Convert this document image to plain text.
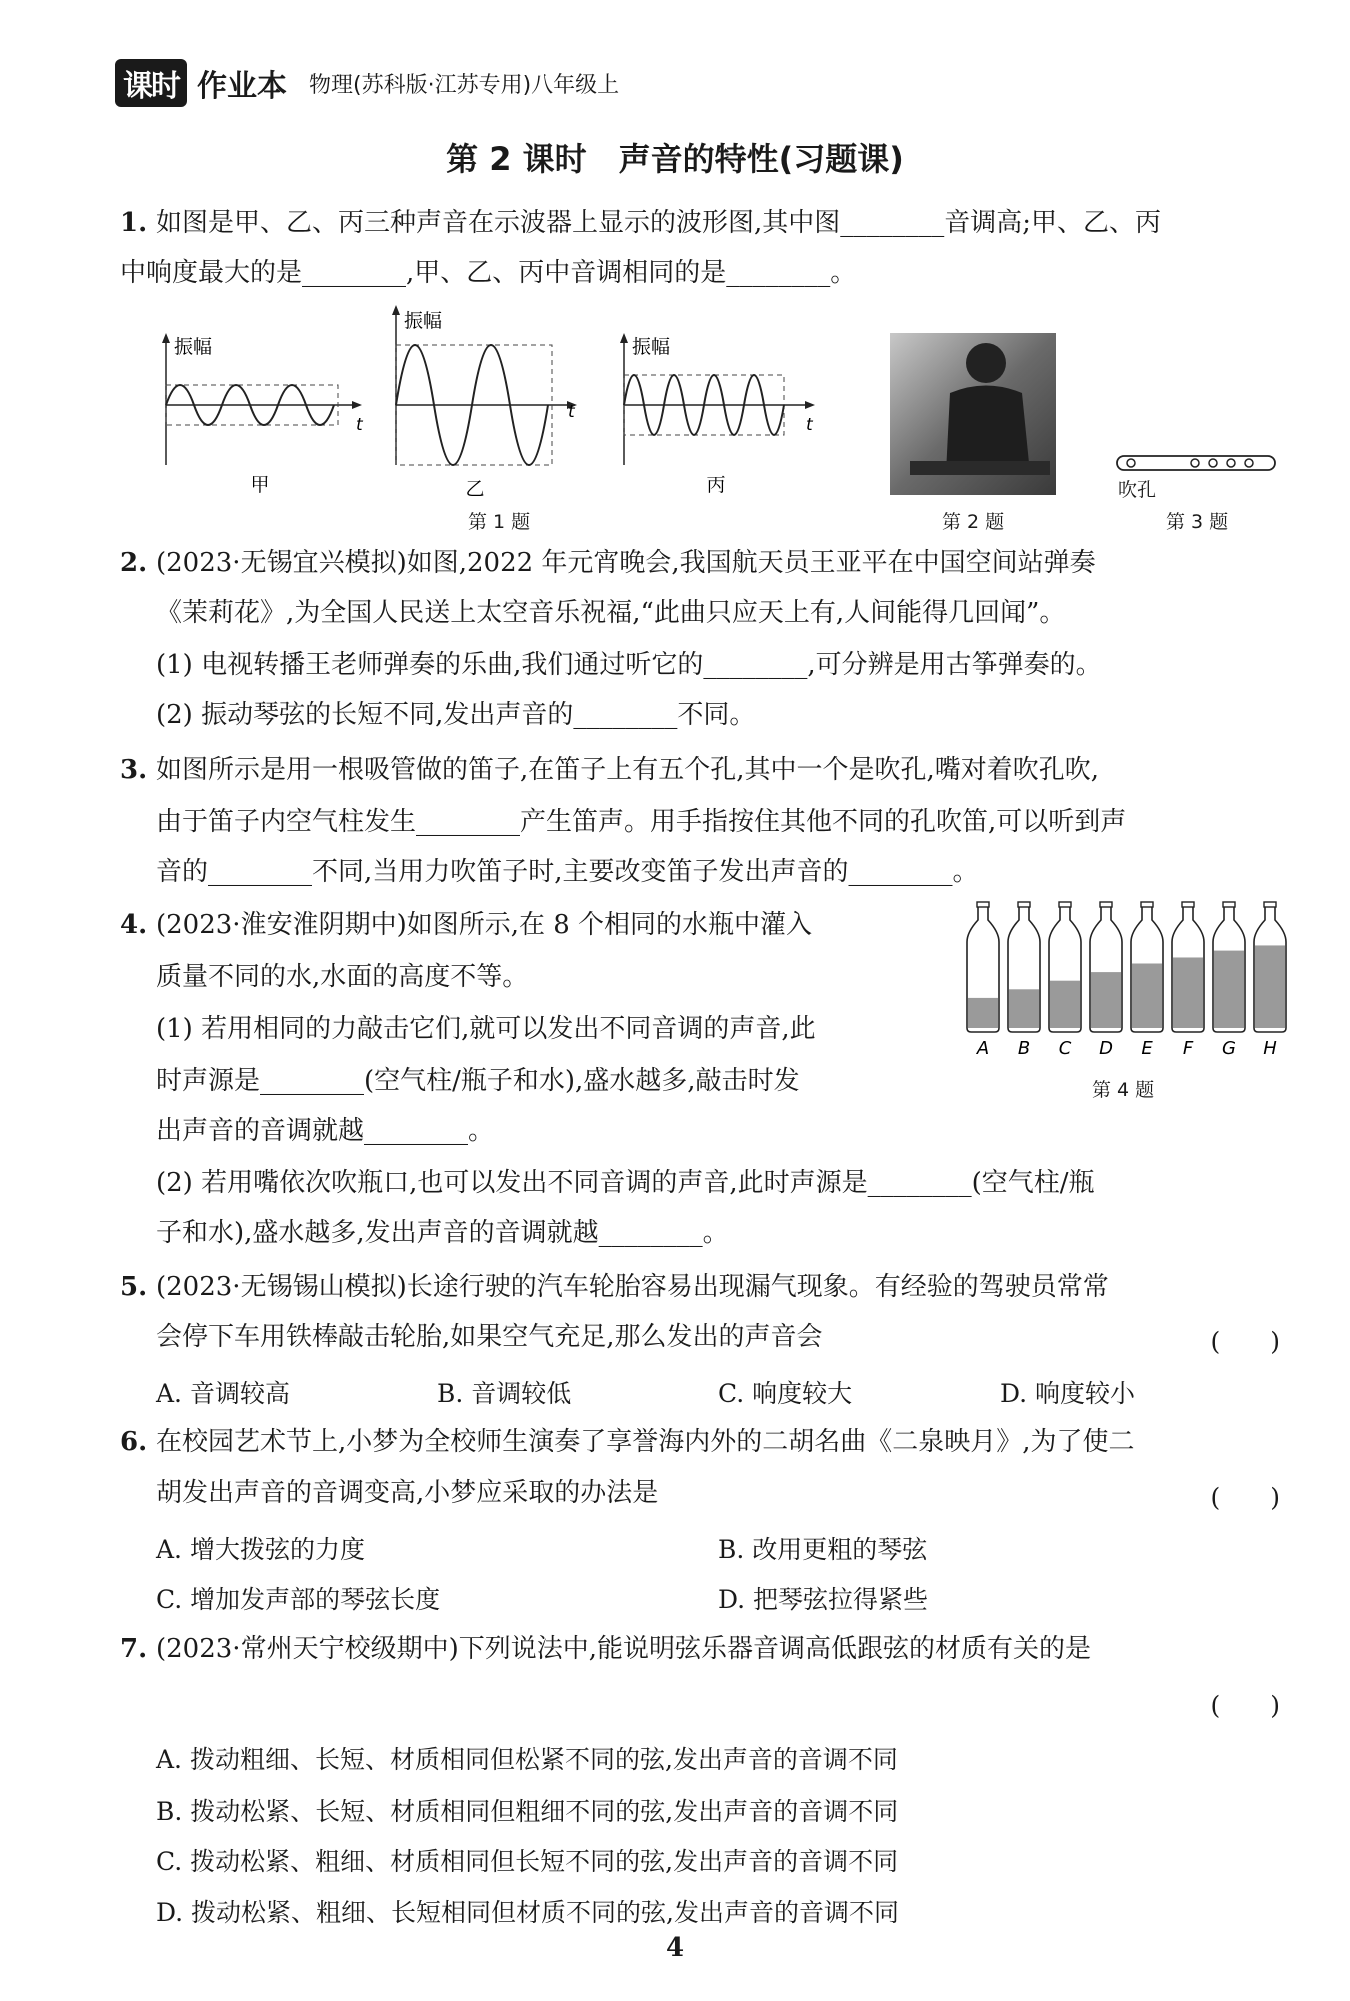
课时 作业本 物理(苏科版·江苏专用)八年级上
第 2 课时　声音的特性(习题课)
1. 如图是甲、乙、丙三种声音在示波器上显示的波形图,其中图________音调高;甲、乙、丙
中响度最大的是________,甲、乙、丙中音调相同的是________。
振幅
t
甲
振幅
t
乙
振幅
t
丙
第 1 题	第 2 题
吹孔
第 3 题
2. (2023·无锡宜兴模拟)如图,2022 年元宵晚会,我国航天员王亚平在中国空间站弹奏
《茉莉花》,为全国人民送上太空音乐祝福,“此曲只应天上有,人间能得几回闻”。
(1) 电视转播王老师弹奏的乐曲,我们通过听它的________,可分辨是用古筝弹奏的。
(2) 振动琴弦的长短不同,发出声音的________不同。
3. 如图所示是用一根吸管做的笛子,在笛子上有五个孔,其中一个是吹孔,嘴对着吹孔吹,
由于笛子内空气柱发生________产生笛声。用手指按住其他不同的孔吹笛,可以听到声
音的________不同,当用力吹笛子时,主要改变笛子发出声音的________。
4. (2023·淮安淮阴期中)如图所示,在 8 个相同的水瓶中灌入
质量不同的水,水面的高度不等。
(1) 若用相同的力敲击它们,就可以发出不同音调的声音,此
时声源是________(空气柱/瓶子和水),盛水越多,敲击时发
出声音的音调就越________。
(2) 若用嘴依次吹瓶口,也可以发出不同音调的声音,此时声源是________(空气柱/瓶
子和水),盛水越多,发出声音的音调就越________。
A B C D E F G H
第 4 题
5. (2023·无锡锡山模拟)长途行驶的汽车轮胎容易出现漏气现象。有经验的驾驶员常常
会停下车用铁棒敲击轮胎,如果空气充足,那么发出的声音会	(　　)
A. 音调较高	B. 音调较低	C. 响度较大	D. 响度较小
6. 在校园艺术节上,小梦为全校师生演奏了享誉海内外的二胡名曲《二泉映月》,为了使二
胡发出声音的音调变高,小梦应采取的办法是	(　　)
A. 增大拨弦的力度	B. 改用更粗的琴弦
C. 增加发声部的琴弦长度	D. 把琴弦拉得紧些
7. (2023·常州天宁校级期中)下列说法中,能说明弦乐器音调高低跟弦的材质有关的是
(　　)
A. 拨动粗细、长短、材质相同但松紧不同的弦,发出声音的音调不同
B. 拨动松紧、长短、材质相同但粗细不同的弦,发出声音的音调不同
C. 拨动松紧、粗细、材质相同但长短不同的弦,发出声音的音调不同
D. 拨动松紧、粗细、长短相同但材质不同的弦,发出声音的音调不同
4
